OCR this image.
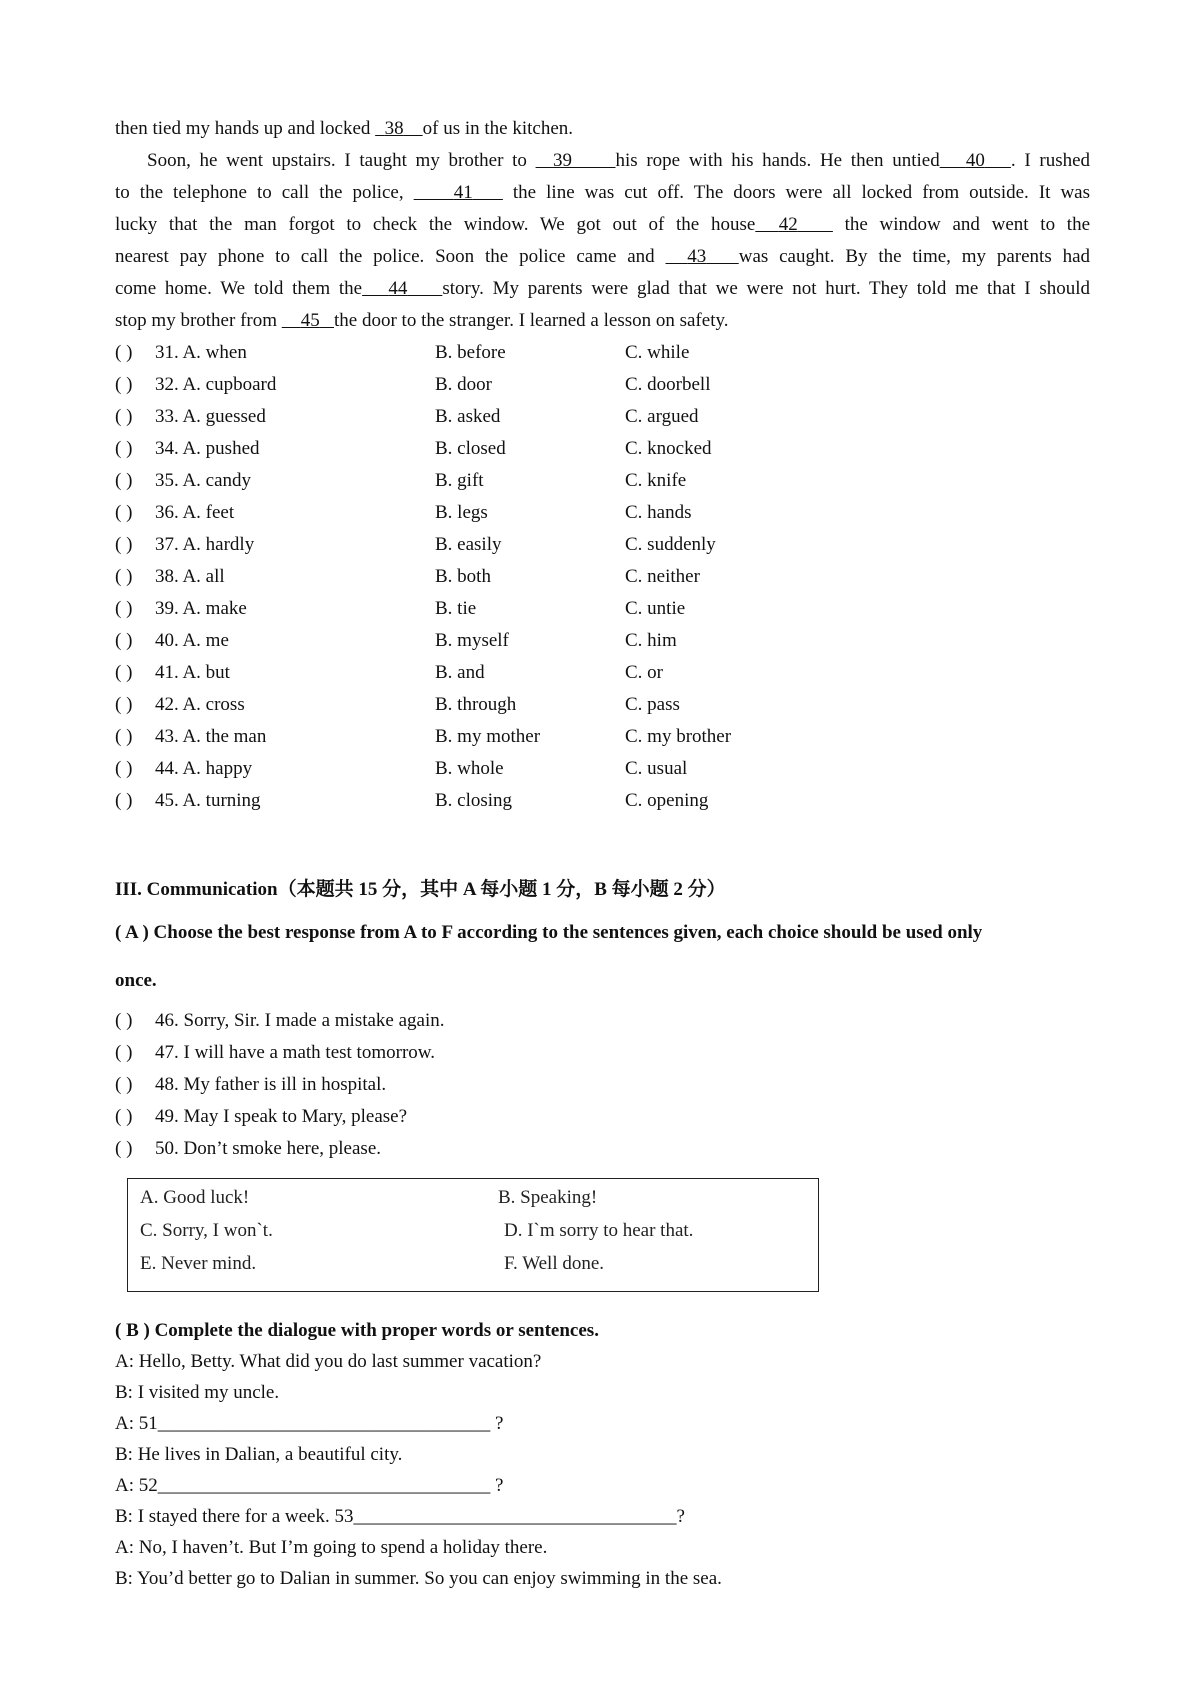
then tied my hands up and locked   38 of us in the kitchen.
Soon, he went upstairs. I taught my brother to   39 his rope with his hands. He then untied 40 . I rushed
to the telephone to call the police,     41    the line was cut off. The doors were all locked from outside. It was
lucky that the man forgot to check the window. We got out of the house 42    the window and went to the
nearest pay phone to call the police. Soon the police came and   43 was caught. By the time, my parents had
come home. We told them the 44 story. My parents were glad that we were not hurt. They told me that I should
stop my brother from     45 the door to the stranger. I learned a lesson on safety.
( ) 31. A. when	B. before	C. while
( ) 32. A. cupboard	B. door	C. doorbell
( ) 33. A. guessed	B. asked	C. argued
( ) 34. A. pushed	B. closed	C. knocked
( ) 35. A. candy	B. gift	C. knife
( ) 36. A. feet	B. legs	C. hands
( ) 37. A. hardly	B. easily	C. suddenly
( ) 38. A. all	B. both	C. neither
( ) 39. A. make	B. tie	C. untie
( ) 40. A. me	B. myself	C. him
( ) 41. A. but	B. and	C. or
( ) 42. A. cross	B. through	C. pass
( ) 43. A. the man	B. my mother	C. my brother
( ) 44. A. happy	B. whole	C. usual
( ) 45. A. turning	B. closing	C. opening
III. Communication（本题共 15 分，其中 A 每小题 1 分，B 每小题 2 分）
( A ) Choose the best response from A to F according to the sentences given, each choice should be used only
once.
( ) 46. Sorry, Sir. I made a mistake again.
( ) 47. I will have a math test tomorrow.
( ) 48. My father is ill in hospital.
( ) 49. May I speak to Mary, please?
( ) 50. Don’t smoke here, please.
A. Good luck!	B. Speaking!
C. Sorry, I won`t.	D. I`m sorry to hear that.
E. Never mind.	F. Well done.
( B ) Complete the dialogue with proper words or sentences.
A: Hello, Betty. What did you do last summer vacation?
B: I visited my uncle.
A: 51___________________________________ ?
B: He lives in Dalian, a beautiful city.
A: 52___________________________________ ?
B: I stayed there for a week. 53__________________________________?
A: No, I haven’t. But I’m going to spend a holiday there.
B: You’d better go to Dalian in summer. So you can enjoy swimming in the sea.
